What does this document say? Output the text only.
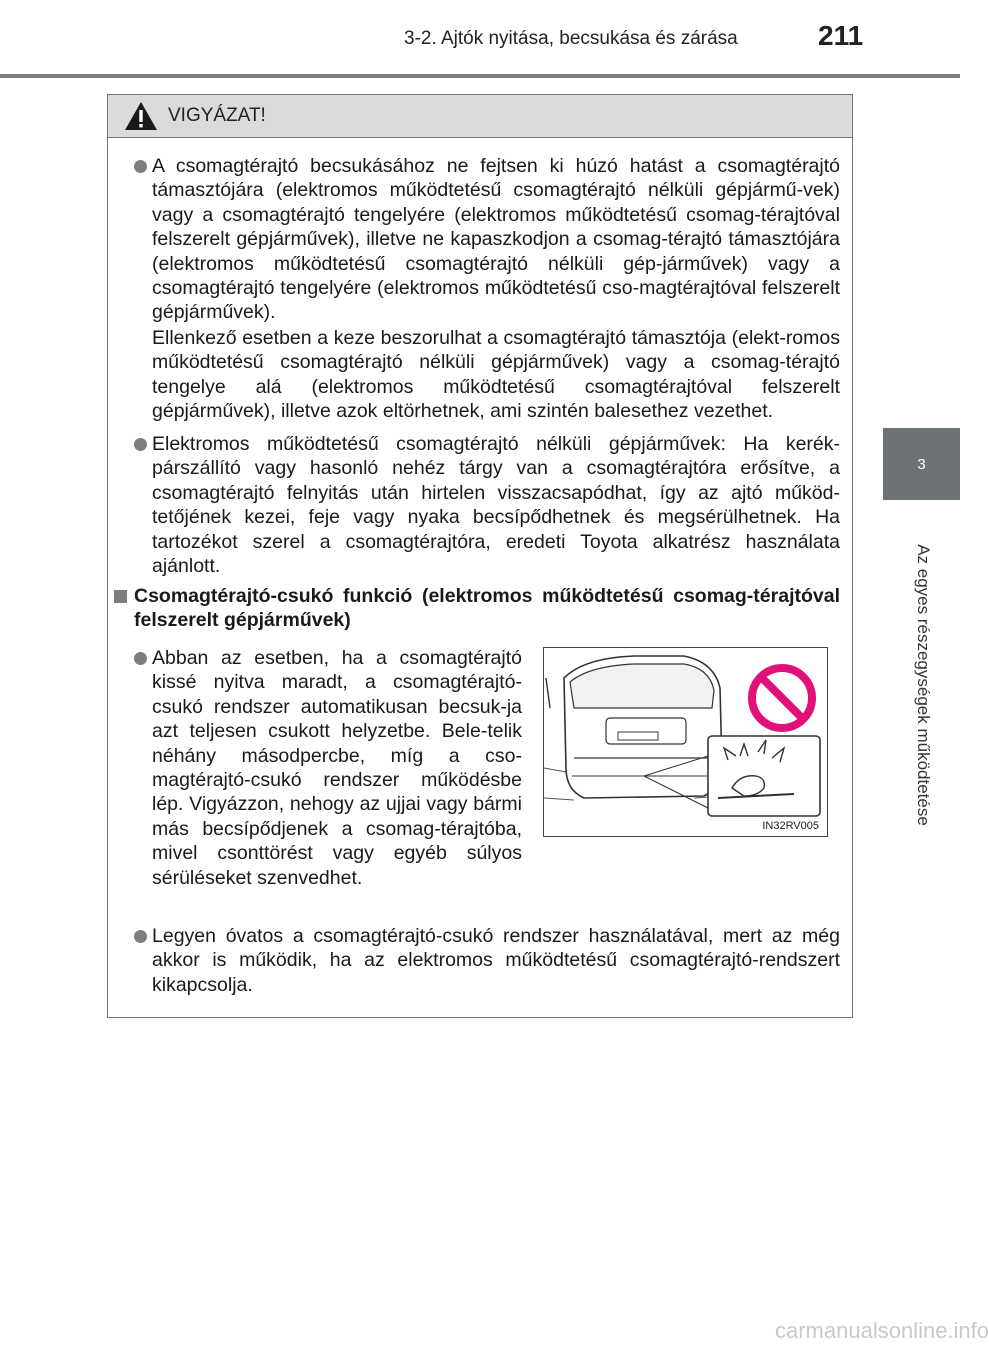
3-2. Ajtók nyitása, becsukása és zárása	211
3
Az egyes részegységek működtetése
VIGYÁZAT!
A csomagtérajtó becsukásához ne fejtsen ki húzó hatást a csomagtérajtó támasztójára (elektromos működtetésű csomagtérajtó nélküli gépjármű-vek) vagy a csomagtérajtó tengelyére (elektromos működtetésű csomag-térajtóval felszerelt gépjárművek), illetve ne kapaszkodjon a csomag-térajtó támasztójára (elektromos működtetésű csomagtérajtó nélküli gép-járművek) vagy a csomagtérajtó tengelyére (elektromos működtetésű cso-magtérajtóval felszerelt gépjárművek).
Ellenkező esetben a keze beszorulhat a csomagtérajtó támasztója (elekt-romos működtetésű csomagtérajtó nélküli gépjárművek) vagy a csomag-térajtó tengelye alá (elektromos működtetésű csomagtérajtóval felszerelt gépjárművek), illetve azok eltörhetnek, ami szintén balesethez vezethet.
Elektromos működtetésű csomagtérajtó nélküli gépjárművek: Ha kerék-párszállító vagy hasonló nehéz tárgy van a csomagtérajtóra erősítve, a csomagtérajtó felnyitás után hirtelen visszacsapódhat, így az ajtó működ-tetőjének kezei, feje vagy nyaka becsípődhetnek és megsérülhetnek. Ha tartozékot szerel a csomagtérajtóra, eredeti Toyota alkatrész használata ajánlott.
Csomagtérajtó-csukó funkció (elektromos működtetésű csomag-térajtóval felszerelt gépjárművek)
Abban az esetben, ha a csomagtérajtó kissé nyitva maradt, a csomagtérajtó-csukó rendszer automatikusan becsuk-ja azt teljesen csukott helyzetbe. Bele-telik néhány másodpercbe, míg a cso-magtérajtó-csukó rendszer működésbe lép. Vigyázzon, nehogy az ujjai vagy bármi más becsípődjenek a csomag-térajtóba, mivel csonttörést vagy egyéb súlyos sérüléseket szenvedhet.
IN32RV005
Legyen óvatos a csomagtérajtó-csukó rendszer használatával, mert az még akkor is működik, ha az elektromos működtetésű csomagtérajtó-rendszert kikapcsolja.
carmanualsonline.info
